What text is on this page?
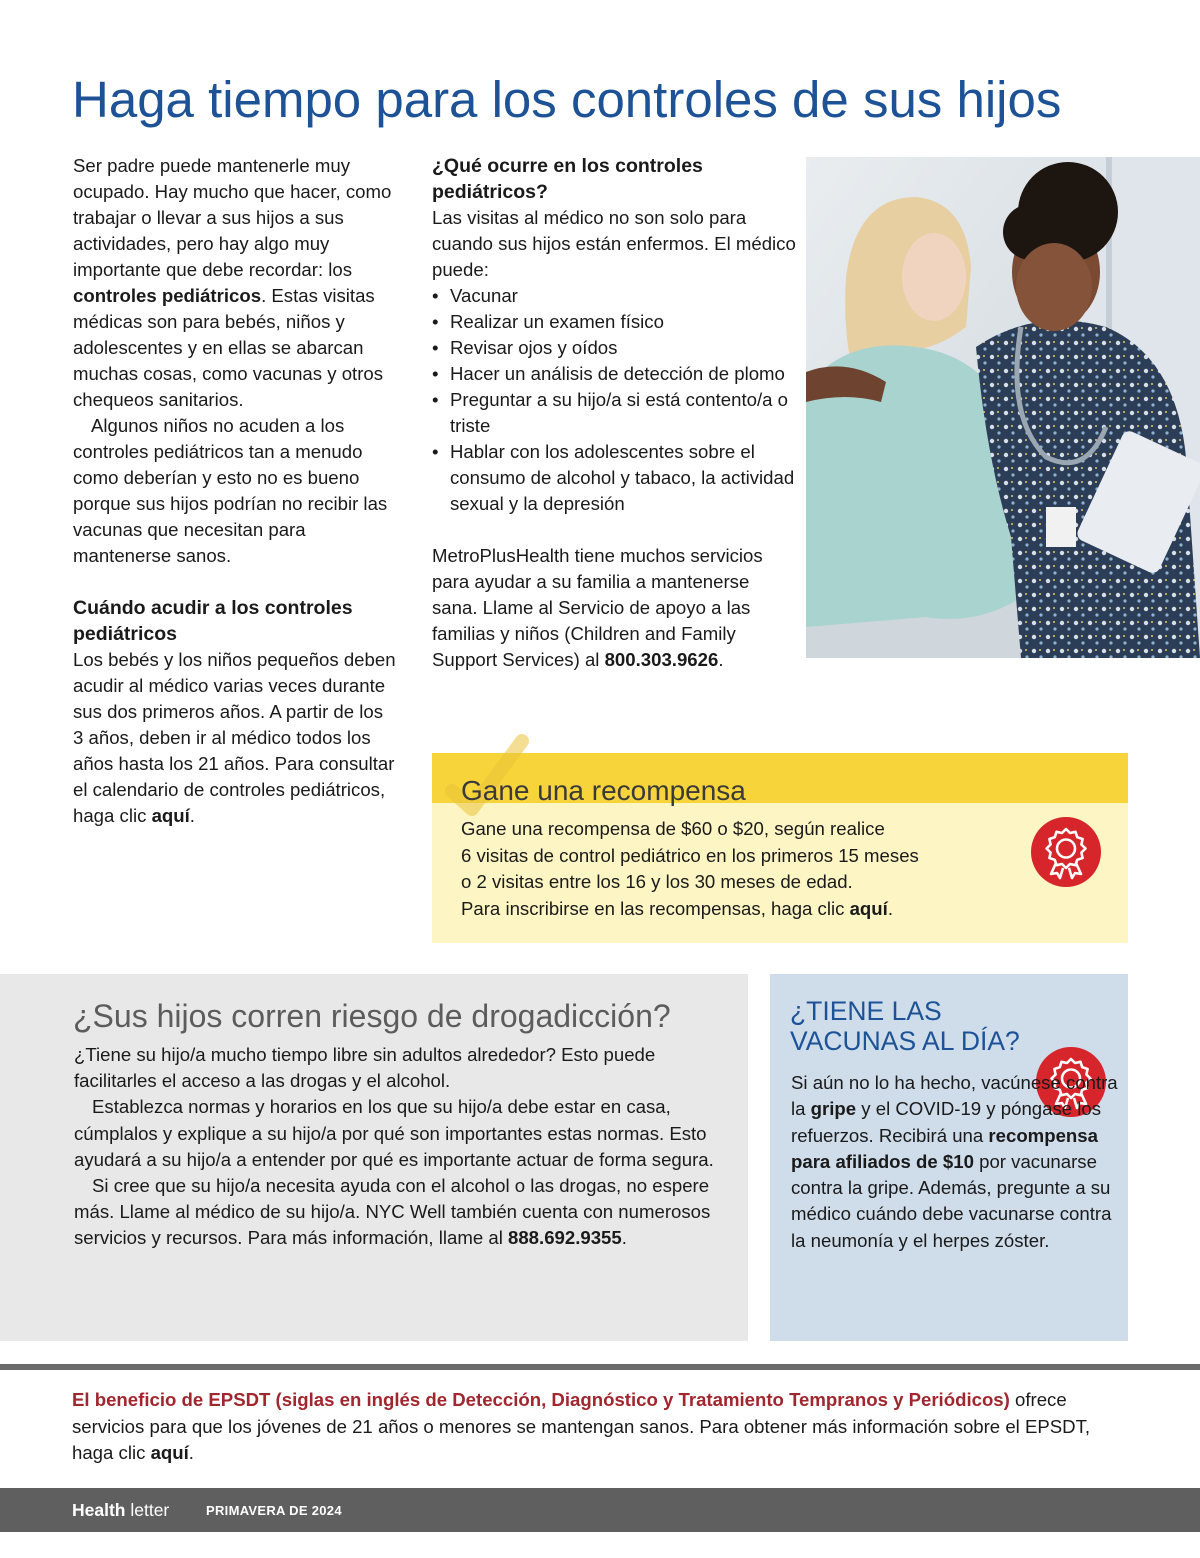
Haga tiempo para los controles de sus hijos

Ser padre puede mantenerle muy ocupado. Hay mucho que hacer, como trabajar o llevar a sus hijos a sus actividades, pero hay algo muy importante que debe recordar: los controles pediátricos. Estas visitas médicas son para bebés, niños y adolescentes y en ellas se abarcan muchas cosas, como vacunas y otros chequeos sanitarios.

Algunos niños no acuden a los controles pediátricos tan a menudo como deberían y esto no es bueno porque sus hijos podrían no recibir las vacunas que necesitan para mantenerse sanos.

Cuándo acudir a los controles pediátricos

Los bebés y los niños pequeños deben acudir al médico varias veces durante sus dos primeros años. A partir de los 3 años, deben ir al médico todos los años hasta los 21 años. Para consultar el calendario de controles pediátricos, haga clic aquí.

¿Qué ocurre en los controles pediátricos?

Las visitas al médico no son solo para cuando sus hijos están enfermos. El médico puede:

• Vacunar
• Realizar un examen físico
• Revisar ojos y oídos
• Hacer un análisis de detección de plomo
• Preguntar a su hijo/a si está contento/a o triste
• Hablar con los adolescentes sobre el consumo de alcohol y tabaco, la actividad sexual y la depresión

MetroPlusHealth tiene muchos servicios para ayudar a su familia a mantenerse sana. Llame al Servicio de apoyo a las familias y niños (Children and Family Support Services) al 800.303.9626.

Gane una recompensa
Gane una recompensa de $60 o $20, según realice
6 visitas de control pediátrico en los primeros 15 meses
o 2 visitas entre los 16 y los 30 meses de edad.
Para inscribirse en las recompensas, haga clic aquí.
¿Sus hijos corren riesgo de drogadicción?

¿Tiene su hijo/a mucho tiempo libre sin adultos alrededor? Esto puede facilitarles el acceso a las drogas y el alcohol.

Establezca normas y horarios en los que su hijo/a debe estar en casa, cúmplalos y explique a su hijo/a por qué son importantes estas normas. Esto ayudará a su hijo/a a entender por qué es importante actuar de forma segura.

Si cree que su hijo/a necesita ayuda con el alcohol o las drogas, no espere más. Llame al médico de su hijo/a. NYC Well también cuenta con numerosos servicios y recursos. Para más información, llame al 888.692.9355.

¿TIENE LAS VACUNAS AL DÍA?
Si aún no lo ha hecho, vacúnese contra la gripe y el COVID-19 y póngase los refuerzos. Recibirá una recompensa para afiliados de $10 por vacunarse contra la gripe. Además, pregunte a su médico cuándo debe vacunarse contra la neumonía y el herpes zóster.
El beneficio de EPSDT (siglas en inglés de Detección, Diagnóstico y Tratamiento Tempranos y Periódicos) ofrece servicios para que los jóvenes de 21 años o menores se mantengan sanos. Para obtener más información sobre el EPSDT, haga clic aquí.
Health letter	PRIMAVERA DE 2024
